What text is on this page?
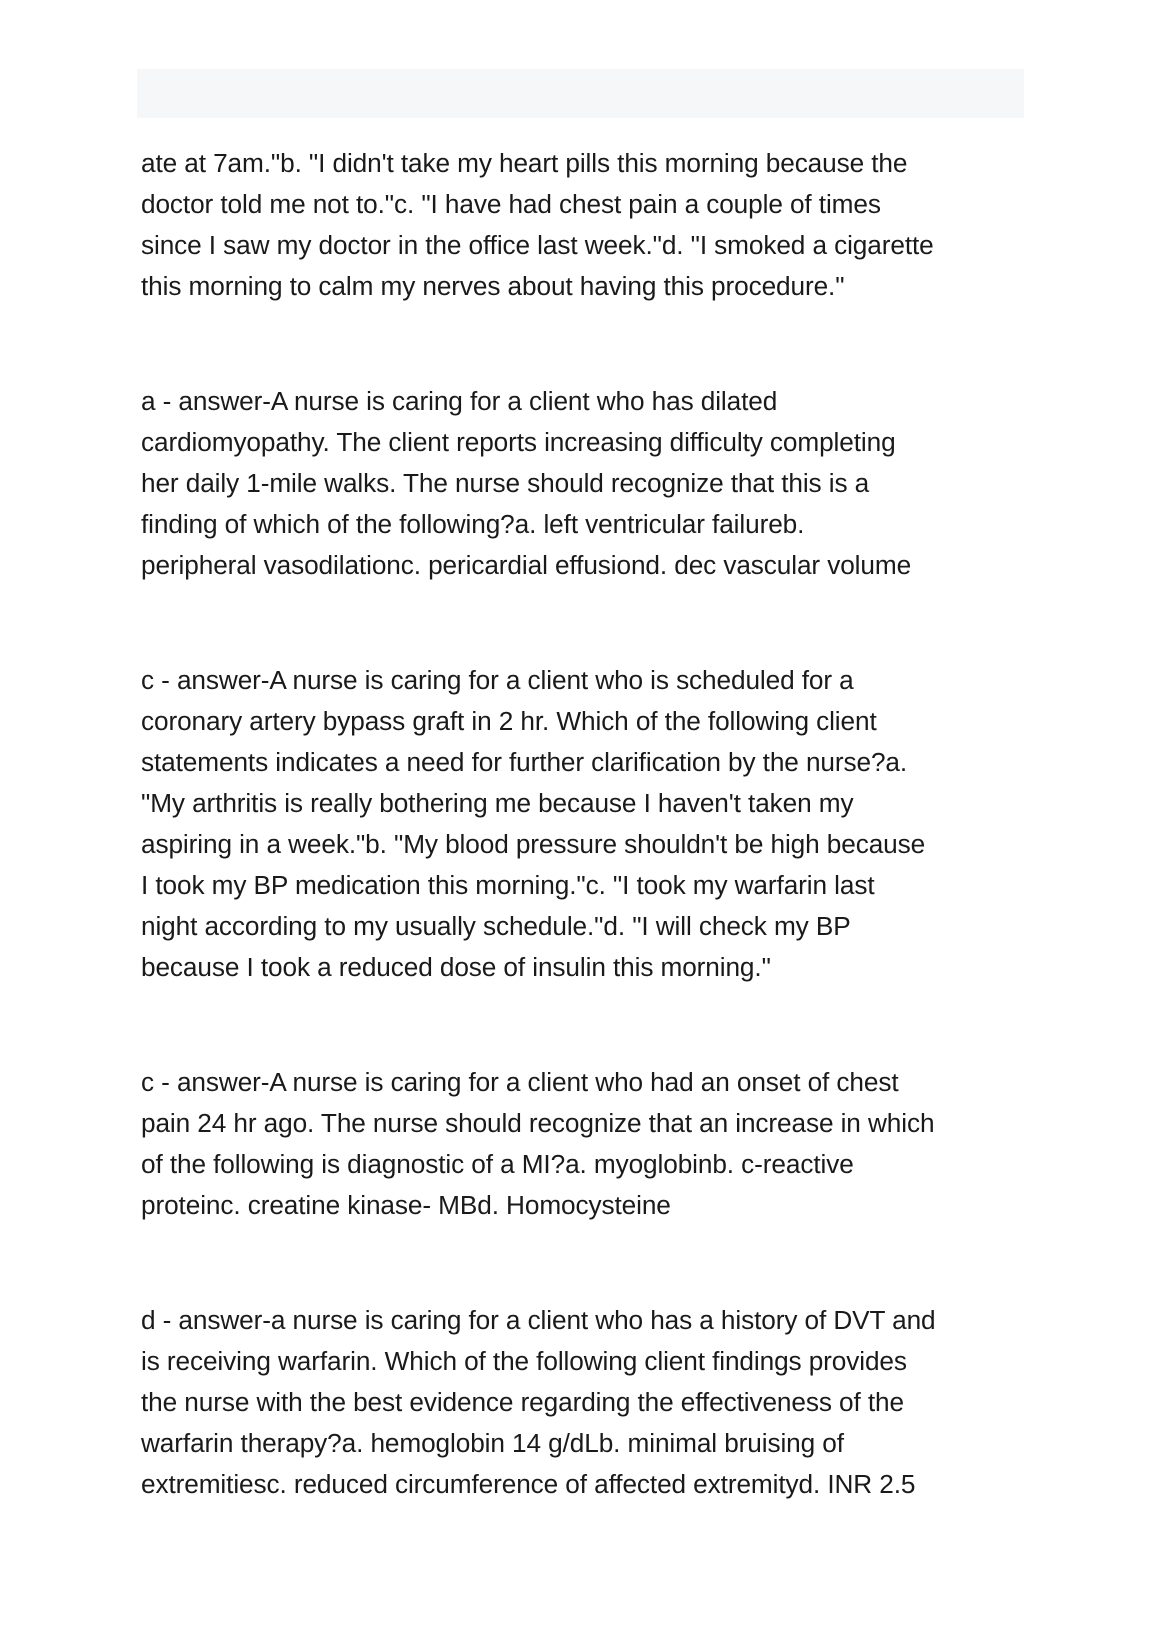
ate at 7am."b. "I didn't take my heart pills this morning because the
doctor told me not to."c. "I have had chest pain a couple of times
since I saw my doctor in the office last week."d. "I smoked a cigarette
this morning to calm my nerves about having this procedure."

a - answer-A nurse is caring for a client who has dilated
cardiomyopathy. The client reports increasing difficulty completing
her daily 1-mile walks. The nurse should recognize that this is a
finding of which of the following?a. left ventricular failureb.
peripheral vasodilationc. pericardial effusiond. dec vascular volume

c - answer-A nurse is caring for a client who is scheduled for a
coronary artery bypass graft in 2 hr. Which of the following client
statements indicates a need for further clarification by the nurse?a.
"My arthritis is really bothering me because I haven't taken my
aspiring in a week."b. "My blood pressure shouldn't be high because
I took my BP medication this morning."c. "I took my warfarin last
night according to my usually schedule."d. "I will check my BP
because I took a reduced dose of insulin this morning."

c - answer-A nurse is caring for a client who had an onset of chest
pain 24 hr ago. The nurse should recognize that an increase in which
of the following is diagnostic of a MI?a. myoglobinb. c-reactive
proteinc. creatine kinase- MBd. Homocysteine

d - answer-a nurse is caring for a client who has a history of DVT and
is receiving warfarin. Which of the following client findings provides
the nurse with the best evidence regarding the effectiveness of the
warfarin therapy?a. hemoglobin 14 g/dLb. minimal bruising of
extremitiesc. reduced circumference of affected extremityd. INR 2.5
